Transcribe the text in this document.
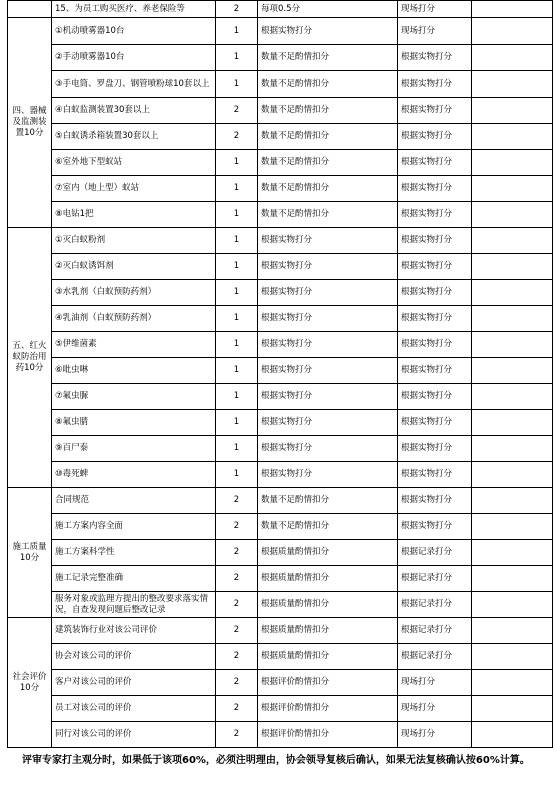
	15、为员工购买医疗、养老保险等	2	每项0.5分	现场打分	
四、器械及监测装置10分	①机动喷雾器10台	1	根据实物打分	现场打分	
	②手动喷雾器10台	1	数量不足酌情扣分	根据实物打分	
	③手电筒、罗盘刀、钢管喷粉球10套以上	1	数量不足酌情扣分	根据实物打分	
	④白蚁监测装置30套以上	2	数量不足酌情扣分	根据实物打分	
	⑤白蚁诱杀箱装置30套以上	2	数量不足酌情扣分	根据实物打分	
	⑥室外地下型蚁站	1	数量不足酌情扣分	根据实物打分	
	⑦室内（地上型）蚁站	1	数量不足酌情扣分	根据实物打分	
	⑧电钻1把	1	数量不足酌情扣分	根据实物打分	
五、红火蚁防治用药10分	①灭白蚁粉剂	1	根据实物打分	根据实物打分	
	②灭白蚁诱饵剂	1	根据实物打分	根据实物打分	
	③水乳剂（白蚁预防药剂）	1	根据实物打分	根据实物打分	
	④乳油剂（白蚁预防药剂）	1	根据实物打分	根据实物打分	
	⑤伊维菌素	1	根据实物打分	根据实物打分	
	⑥吡虫啉	1	根据实物打分	根据实物打分	
	⑦氟虫脲	1	根据实物打分	根据实物打分	
	⑧氟虫腈	1	根据实物打分	根据实物打分	
	⑨百尸泰	1	根据实物打分	根据实物打分	
	⑩毒死蜱	1	根据实物打分	根据实物打分	
施工质量10分	合同规范	2	数量不足酌情扣分	根据实物打分	
	施工方案内容全面	2	数量不足酌情扣分	根据实物打分	
	施工方案科学性	2	根据质量酌情扣分	根据记录打分	
	施工记录完整准确	2	根据质量酌情扣分	根据记录打分	
	服务对象或监理方提出的整改要求落实情况，自查发现问题后整改记录	2	根据质量酌情扣分	根据记录打分	
社会评价10分	建筑装饰行业对该公司评价	2	根据质量酌情扣分	根据记录打分	
	协会对该公司的评价	2	根据质量酌情扣分	根据记录打分	
	客户对该公司的评价	2	根据评价酌情扣分	现场打分	
	员工对该公司的评价	2	根据评价酌情扣分	现场打分	
	同行对该公司的评价	2	根据评价酌情扣分	现场打分	
评审专家打主观分时，如果低于该项60%，必须注明理由，协会领导复核后确认，如果无法复核确认按60%计算。
